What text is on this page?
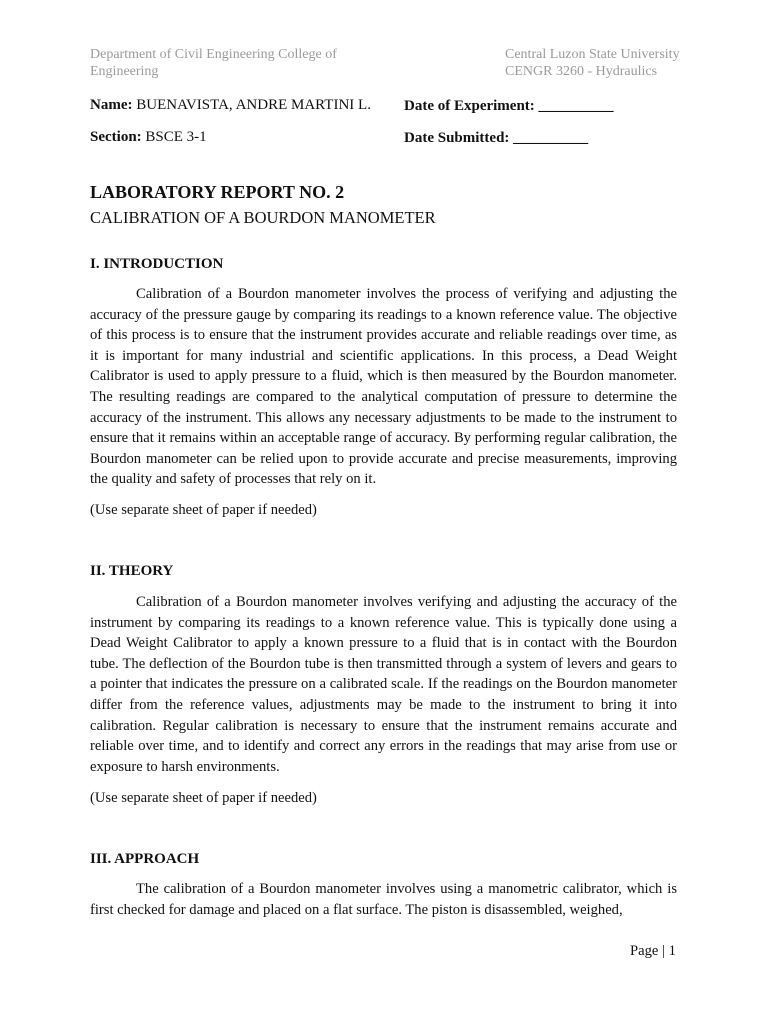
Department of Civil Engineering College of
Engineering
Central Luzon State University
CENGR 3260 - Hydraulics
Name: BUENAVISTA, ANDRE MARTINI L. Date of Experiment: __________
Section: BSCE 3-1	Date Submitted: __________
LABORATORY REPORT NO. 2
CALIBRATION OF A BOURDON MANOMETER
I. INTRODUCTION
Calibration of a Bourdon manometer involves the process of verifying and adjusting the accuracy of the pressure gauge by comparing its readings to a known reference value. The objective of this process is to ensure that the instrument provides accurate and reliable readings over time, as it is important for many industrial and scientific applications. In this process, a Dead Weight Calibrator is used to apply pressure to a fluid, which is then measured by the Bourdon manometer. The resulting readings are compared to the analytical computation of pressure to determine the accuracy of the instrument. This allows any necessary adjustments to be made to the instrument to ensure that it remains within an acceptable range of accuracy. By performing regular calibration, the Bourdon manometer can be relied upon to provide accurate and precise measurements, improving the quality and safety of processes that rely on it.
(Use separate sheet of paper if needed)
II. THEORY
Calibration of a Bourdon manometer involves verifying and adjusting the accuracy of the instrument by comparing its readings to a known reference value. This is typically done using a Dead Weight Calibrator to apply a known pressure to a fluid that is in contact with the Bourdon tube. The deflection of the Bourdon tube is then transmitted through a system of levers and gears to a pointer that indicates the pressure on a calibrated scale. If the readings on the Bourdon manometer differ from the reference values, adjustments may be made to the instrument to bring it into calibration. Regular calibration is necessary to ensure that the instrument remains accurate and reliable over time, and to identify and correct any errors in the readings that may arise from use or exposure to harsh environments.
(Use separate sheet of paper if needed)
III. APPROACH
The calibration of a Bourdon manometer involves using a manometric calibrator, which is first checked for damage and placed on a flat surface. The piston is disassembled, weighed,
Page | 1
